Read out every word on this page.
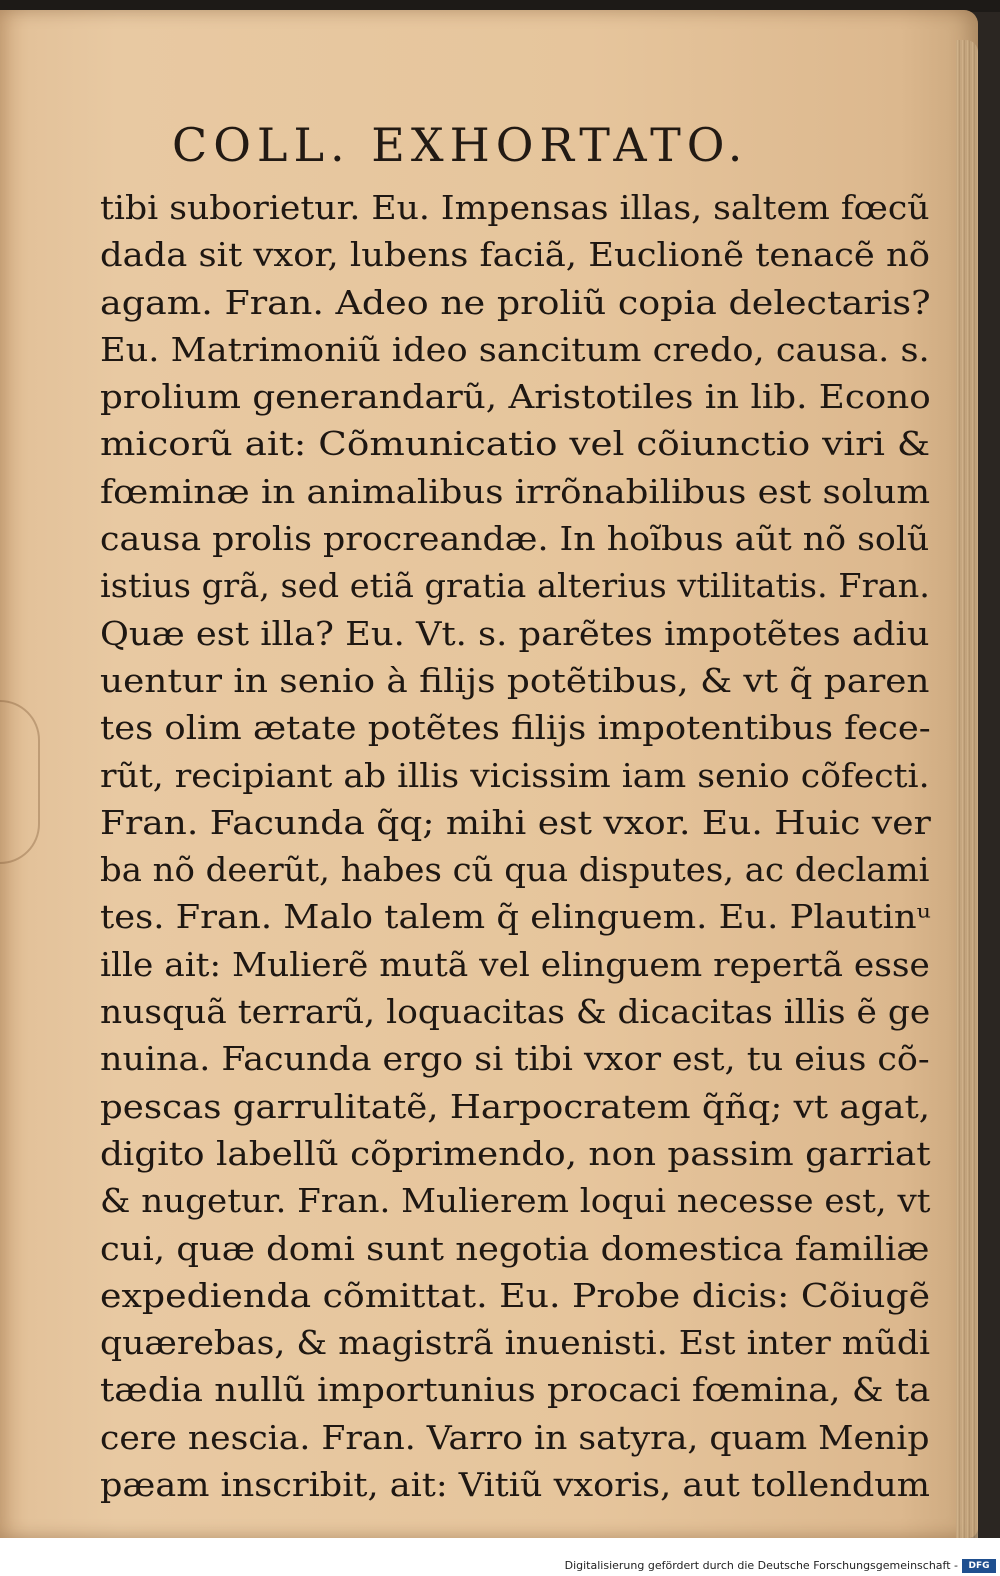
COLL. EXHORTATO.
tibi suborietur. Eu. Impensas illas, saltem fœcũ
dada sit vxor, lubens faciã, Euclionẽ tenacẽ nõ
agam. Fran. Adeo ne proliũ copia delectaris?
Eu. Matrimoniũ ideo sancitum credo, causa. s.
prolium generandarũ, Aristotiles in lib. Econo
micorũ ait: Cõmunicatio vel cõiunctio viri &
fœminæ in animalibus irrõnabilibus est solum
causa prolis procreandæ. In hoĩbus aũt nõ solũ
istius grã, sed etiã gratia alterius vtilitatis. Fran.
Quæ est illa? Eu. Vt. s. parẽtes impotẽtes adiu
uentur in senio à filijs potẽtibus, & vt q̃ paren
tes olim ætate potẽtes filijs impotentibus fece-
rũt, recipiant ab illis vicissim iam senio cõfecti.
Fran. Facunda q̃q; mihi est vxor. Eu. Huic ver
ba nõ deerũt, habes cũ qua disputes, ac declami
tes. Fran. Malo talem q̃ elinguem. Eu. Plautinᵘ
ille ait: Mulierẽ mutã vel elinguem repertã esse
nusquã terrarũ, loquacitas & dicacitas illis ẽ ge
nuina. Facunda ergo si tibi vxor est, tu eius cõ-
pescas garrulitatẽ, Harpocratem q̃ñq; vt agat,
digito labellũ cõprimendo, non passim garriat
& nugetur. Fran. Mulierem loqui necesse est, vt
cui, quæ domi sunt negotia domestica familiæ
expedienda cõmittat. Eu. Probe dicis: Cõiugẽ
quærebas, & magistrã inuenisti. Est inter mũdi
tædia nullũ importunius procaci fœmina, & ta
cere nescia. Fran. Varro in satyra, quam Menip
pæam inscribit, ait: Vitiũ vxoris, aut tollendum
Digitalisierung gefördert durch die Deutsche Forschungsgemeinschaft -	DFG
